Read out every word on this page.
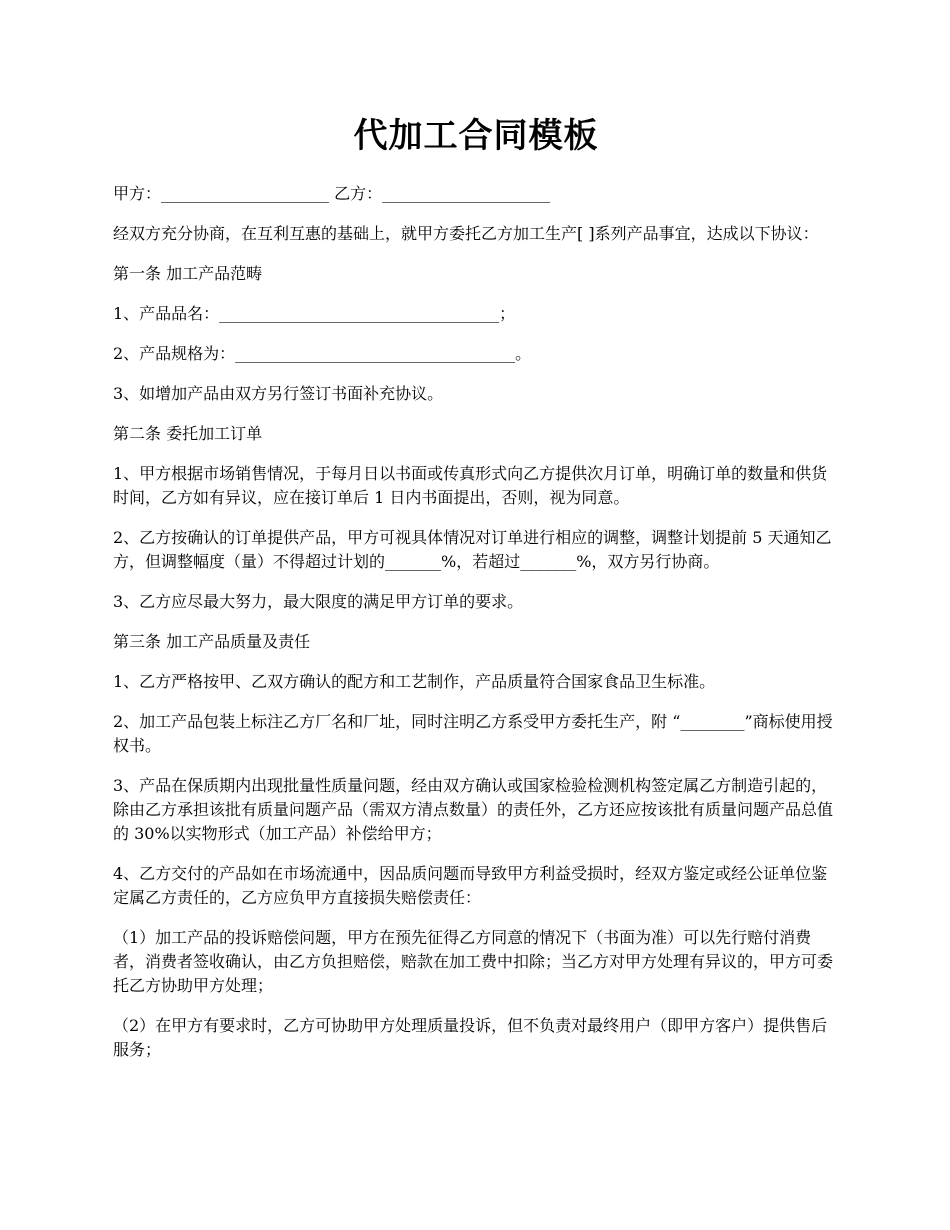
代加工合同模板

甲方：_____________________ 乙方：_____________________

经双方充分协商，在互利互惠的基础上，就甲方委托乙方加工生产[ ]系列产品事宜，达成以下协议：

第一条 加工产品范畴

1、产品品名：___________________________________；

2、产品规格为：___________________________________。

3、如增加产品由双方另行签订书面补充协议。

第二条 委托加工订单

1、甲方根据市场销售情况，于每月日以书面或传真形式向乙方提供次月订单，明确订单的数量和供货时间，乙方如有异议，应在接订单后 1 日内书面提出，否则，视为同意。

2、乙方按确认的订单提供产品，甲方可视具体情况对订单进行相应的调整，调整计划提前 5 天通知乙方，但调整幅度（量）不得超过计划的_______%，若超过_______%，双方另行协商。

3、乙方应尽最大努力，最大限度的满足甲方订单的要求。

第三条 加工产品质量及责任

1、乙方严格按甲、乙双方确认的配方和工艺制作，产品质量符合国家食品卫生标准。

2、加工产品包装上标注乙方厂名和厂址，同时注明乙方系受甲方委托生产，附 “________”商标使用授权书。

3、产品在保质期内出现批量性质量问题，经由双方确认或国家检验检测机构签定属乙方制造引起的，除由乙方承担该批有质量问题产品（需双方清点数量）的责任外，乙方还应按该批有质量问题产品总值的 30%以实物形式（加工产品）补偿给甲方；

4、乙方交付的产品如在市场流通中，因品质问题而导致甲方利益受损时，经双方鉴定或经公证单位鉴定属乙方责任的，乙方应负甲方直接损失赔偿责任：

（1）加工产品的投诉赔偿问题，甲方在预先征得乙方同意的情况下（书面为准）可以先行赔付消费者，消费者签收确认，由乙方负担赔偿，赔款在加工费中扣除；当乙方对甲方处理有异议的，甲方可委托乙方协助甲方处理；

（2）在甲方有要求时，乙方可协助甲方处理质量投诉，但不负责对最终用户（即甲方客户）提供售后服务；
